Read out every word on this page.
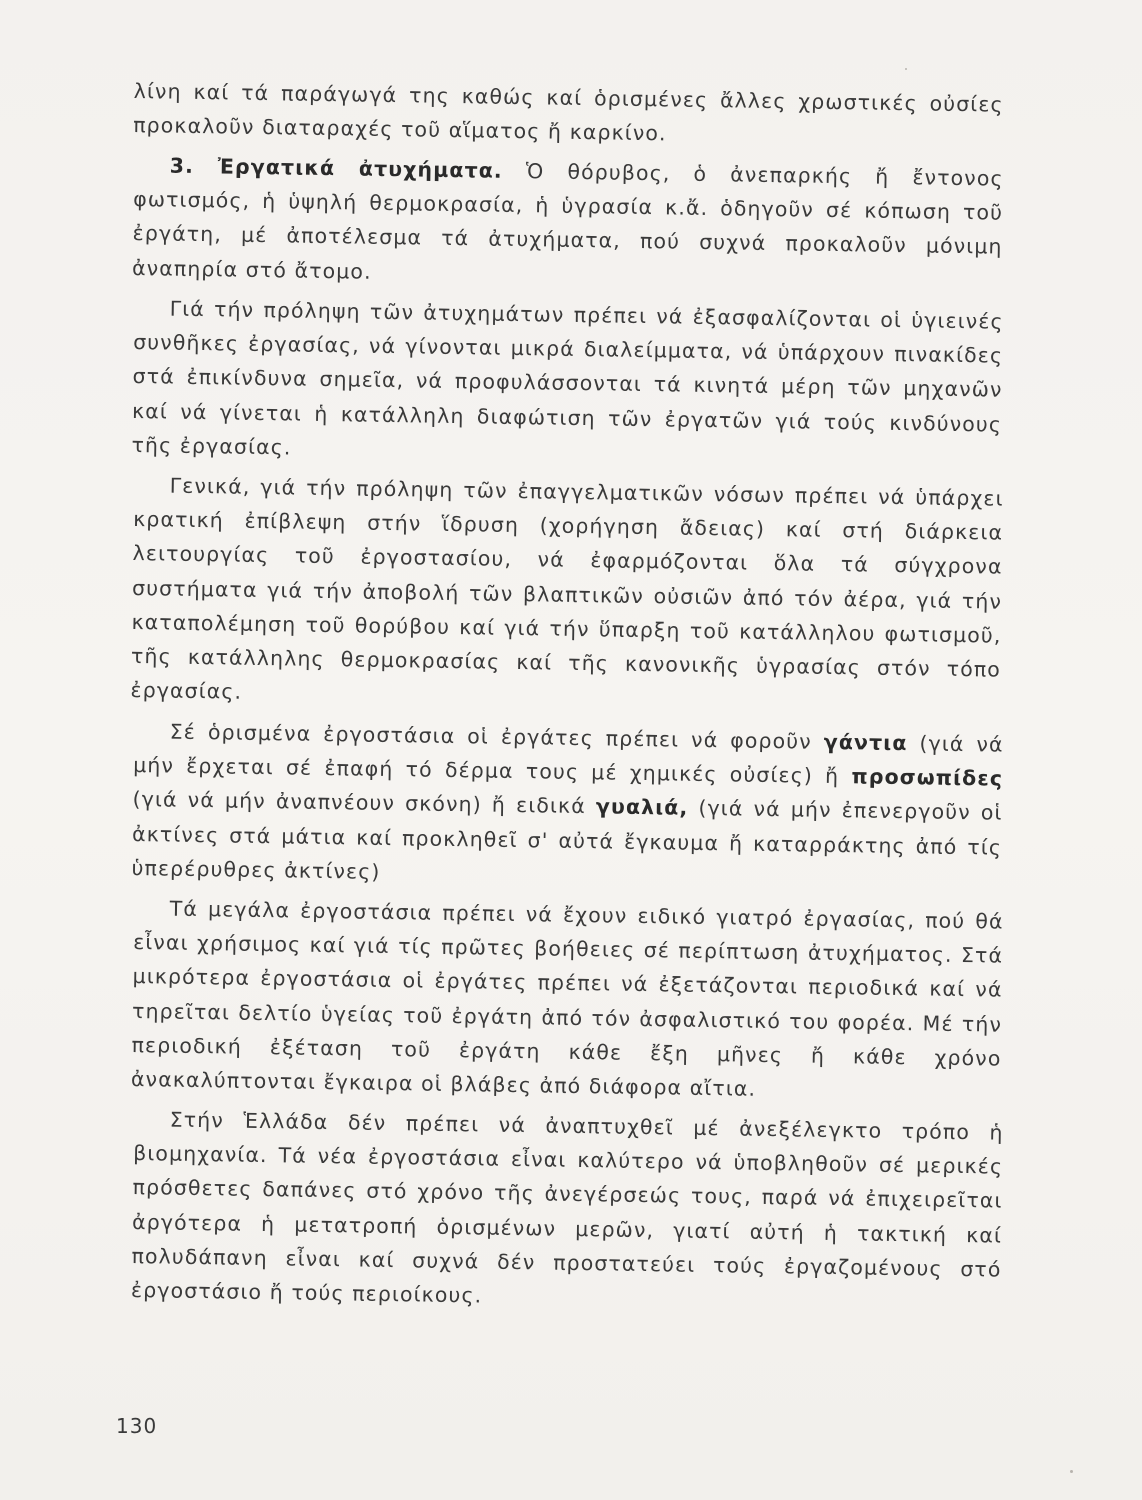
λίνη καί τά παράγωγά της καθώς καί ὁρισμένες ἄλλες χρωστικές οὐσίες προκαλοῦν διαταραχές τοῦ αἵματος ἤ καρκίνο.

3. Ἐργατικά ἀτυχήματα. Ὁ θόρυβος, ὁ ἀνεπαρκής ἤ ἔντονος φωτισμός, ἡ ὑψηλή θερμοκρασία, ἡ ὑγρασία κ.ἄ. ὁδηγοῦν σέ κόπωση τοῦ ἐργάτη, μέ ἀποτέλεσμα τά ἀτυχήματα, πού συχνά προκαλοῦν μόνιμη ἀναπηρία στό ἄτομο.

Γιά τήν πρόληψη τῶν ἀτυχημάτων πρέπει νά ἐξασφαλίζονται οἱ ὑγιεινές συνθῆκες ἐργασίας, νά γίνονται μικρά διαλείμματα, νά ὑπάρχουν πινακίδες στά ἐπικίνδυνα σημεῖα, νά προφυλάσσονται τά κινητά μέρη τῶν μηχανῶν καί νά γίνεται ἡ κατάλληλη διαφώτιση τῶν ἐργατῶν γιά τούς κινδύνους τῆς ἐργασίας.

Γενικά, γιά τήν πρόληψη τῶν ἐπαγγελματικῶν νόσων πρέπει νά ὑπάρχει κρατική ἐπίβλεψη στήν ἵδρυση (χορήγηση ἄδειας) καί στή διάρκεια λειτουργίας τοῦ ἐργοστασίου, νά ἐφαρμόζονται ὅλα τά σύγχρονα συστήματα γιά τήν ἀποβολή τῶν βλαπτικῶν οὐσιῶν ἀπό τόν ἀέρα, γιά τήν καταπολέμηση τοῦ θορύβου καί γιά τήν ὕπαρξη τοῦ κατάλληλου φωτισμοῦ, τῆς κατάλληλης θερμοκρασίας καί τῆς κανονικῆς ὑγρασίας στόν τόπο ἐργασίας.

Σέ ὁρισμένα ἐργοστάσια οἱ ἐργάτες πρέπει νά φοροῦν γάντια (γιά νά μήν ἔρχεται σέ ἐπαφή τό δέρμα τους μέ χημικές οὐσίες) ἤ προσωπίδες (γιά νά μήν ἀναπνέουν σκόνη) ἤ ειδικά γυαλιά, (γιά νά μήν ἐπενεργοῦν οἱ ἀκτίνες στά μάτια καί προκληθεῖ σ' αὐτά ἔγκαυμα ἤ καταρράκτης ἀπό τίς ὑπερέρυθρες ἀκτίνες)

Τά μεγάλα ἐργοστάσια πρέπει νά ἔχουν ειδικό γιατρό ἐργασίας, πού θά εἶναι χρήσιμος καί γιά τίς πρῶτες βοήθειες σέ περίπτωση ἀτυχήματος. Στά μικρότερα ἐργοστάσια οἱ ἐργάτες πρέπει νά ἐξετάζονται περιοδικά καί νά τηρεῖται δελτίο ὑγείας τοῦ ἐργάτη ἀπό τόν ἀσφαλιστικό του φορέα. Μέ τήν περιοδική ἐξέταση τοῦ ἐργάτη κάθε ἔξη μῆνες ἤ κάθε χρόνο ἀνακαλύπτονται ἔγκαιρα οἱ βλάβες ἀπό διάφορα αἴτια.

Στήν Ἑλλάδα δέν πρέπει νά ἀναπτυχθεῖ μέ ἀνεξέλεγκτο τρόπο ἡ βιομηχανία. Τά νέα ἐργοστάσια εἶναι καλύτερο νά ὑποβληθοῦν σέ μερικές πρόσθετες δαπάνες στό χρόνο τῆς ἀνεγέρσεώς τους, παρά νά ἐπιχειρεῖται ἀργότερα ἡ μετατροπή ὁρισμένων μερῶν, γιατί αὐτή ἡ τακτική καί πολυδάπανη εἶναι καί συχνά δέν προστατεύει τούς ἐργαζομένους στό ἐργοστάσιο ἤ τούς περιοίκους.

130
